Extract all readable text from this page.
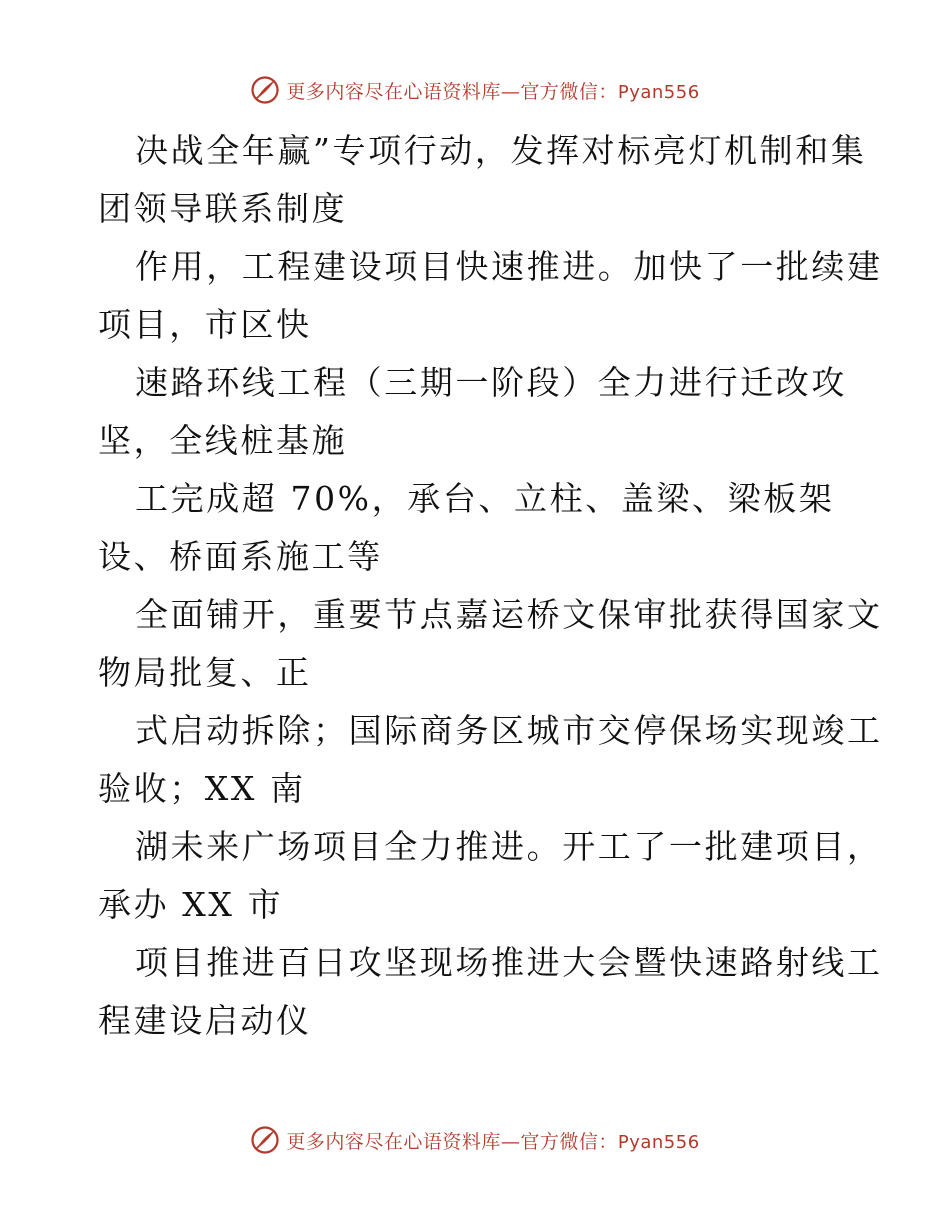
更多内容尽在心语资料库—官方微信：Pyan556
决战全年赢”专项行动，发挥对标亮灯机制和集
团领导联系制度
作用，工程建设项目快速推进。加快了一批续建
项目，市区快
速路环线工程（三期一阶段）全力进行迁改攻
坚，全线桩基施
工完成超 70%，承台、立柱、盖梁、梁板架
设、桥面系施工等
全面铺开，重要节点嘉运桥文保审批获得国家文
物局批复、正
式启动拆除；国际商务区城市交停保场实现竣工
验收；XX 南
湖未来广场项目全力推进。开工了一批建项目，
承办 XX 市
项目推进百日攻坚现场推进大会暨快速路射线工
程建设启动仪
更多内容尽在心语资料库—官方微信：Pyan556
